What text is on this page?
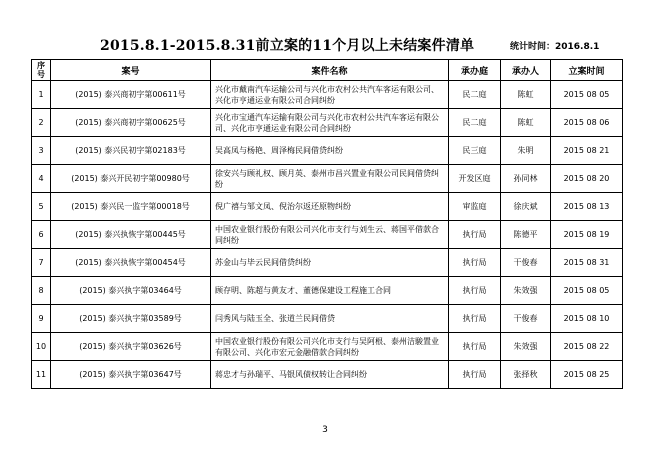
2015.8.1-2015.8.31前立案的11个月以上未结案件清单	统计时间：2016.8.1
序号	案号	案件名称	承办庭	承办人	立案时间
1	(2015) 泰兴商初字第00611号	兴化市戴南汽车运输公司与兴化市农村公共汽车客运有限公司、兴化市亨通运业有限公司合同纠纷	民二庭	陈虹	2015 08 05
2	(2015) 泰兴商初字第00625号	兴化市宝通汽车运输有限公司与兴化市农村公共汽车客运有限公司、兴化市亨通运业有限公司合同纠纷	民二庭	陈虹	2015 08 06
3	(2015) 泰兴民初字第02183号	吴高凤与杨艳、周泽梅民间借贷纠纷	民三庭	朱明	2015 08 21
4	(2015) 泰兴开民初字第00980号	徐安兴与顾礼权、顾月英、泰州市昌兴置业有限公司民间借贷纠纷	开发区庭	孙同林	2015 08 20
5	(2015) 泰兴民一监字第00018号	倪广禧与邹文凤、倪治尔返还原物纠纷	审监庭	徐庆斌	2015 08 13
6	(2015) 泰兴执恢字第00445号	中国农业银行股份有限公司兴化市支行与刘生云、蒋国平借款合同纠纷	执行局	陈德平	2015 08 19
7	(2015) 泰兴执恢字第00454号	苏金山与毕云民间借贷纠纷	执行局	干俊春	2015 08 31
8	(2015) 泰兴执字第03464号	顾存明、陈超与黄友才、董德保建设工程施工合同	执行局	朱效强	2015 08 05
9	(2015) 泰兴执字第03589号	闫秀风与陆玉全、张道兰民间借贷	执行局	干俊春	2015 08 10
10	(2015) 泰兴执字第03626号	中国农业银行股份有限公司兴化市支行与吴阿根、泰州洁駿置业有限公司、兴化市宏元金融借款合同纠纷	执行局	朱效强	2015 08 22
11	(2015) 泰兴执字第03647号	蒋忠才与孙瑞平、马银风债权转让合同纠纷	执行局	张择秋	2015 08 25
3
